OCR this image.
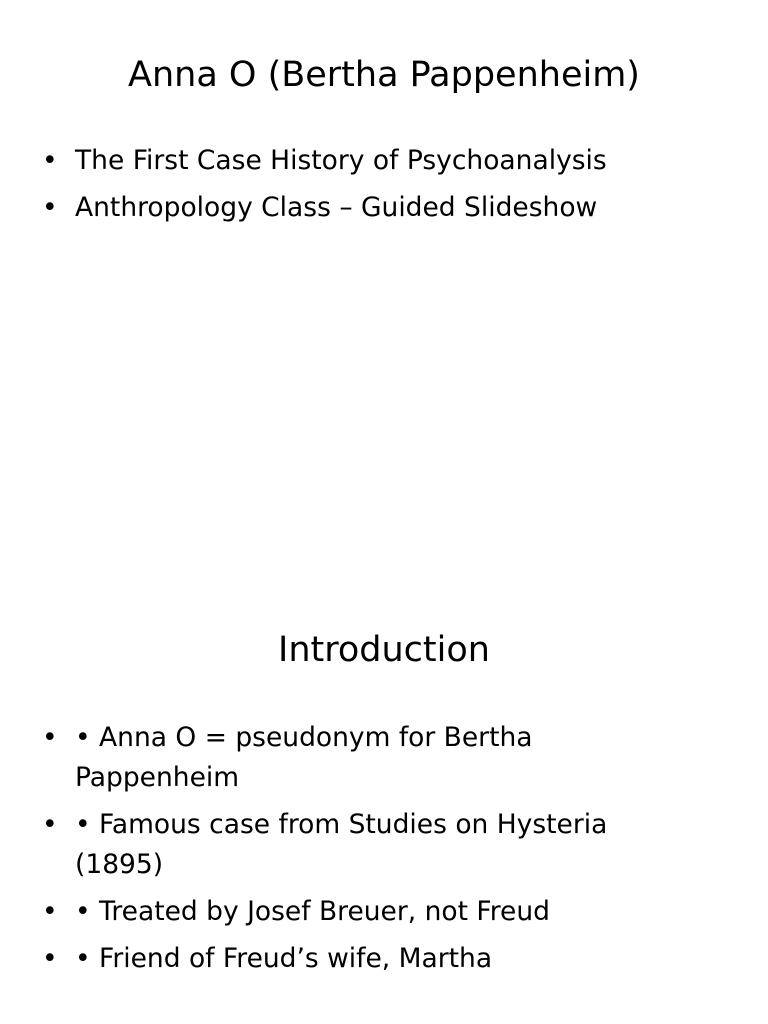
Anna O (Bertha Pappenheim)
• The First Case History of Psychoanalysis
• Anthropology Class – Guided Slideshow
Introduction
• • Anna O = pseudonym for Bertha Pappenheim
• • Famous case from Studies on Hysteria (1895)
• • Treated by Josef Breuer, not Freud
• • Friend of Freud’s wife, Martha
